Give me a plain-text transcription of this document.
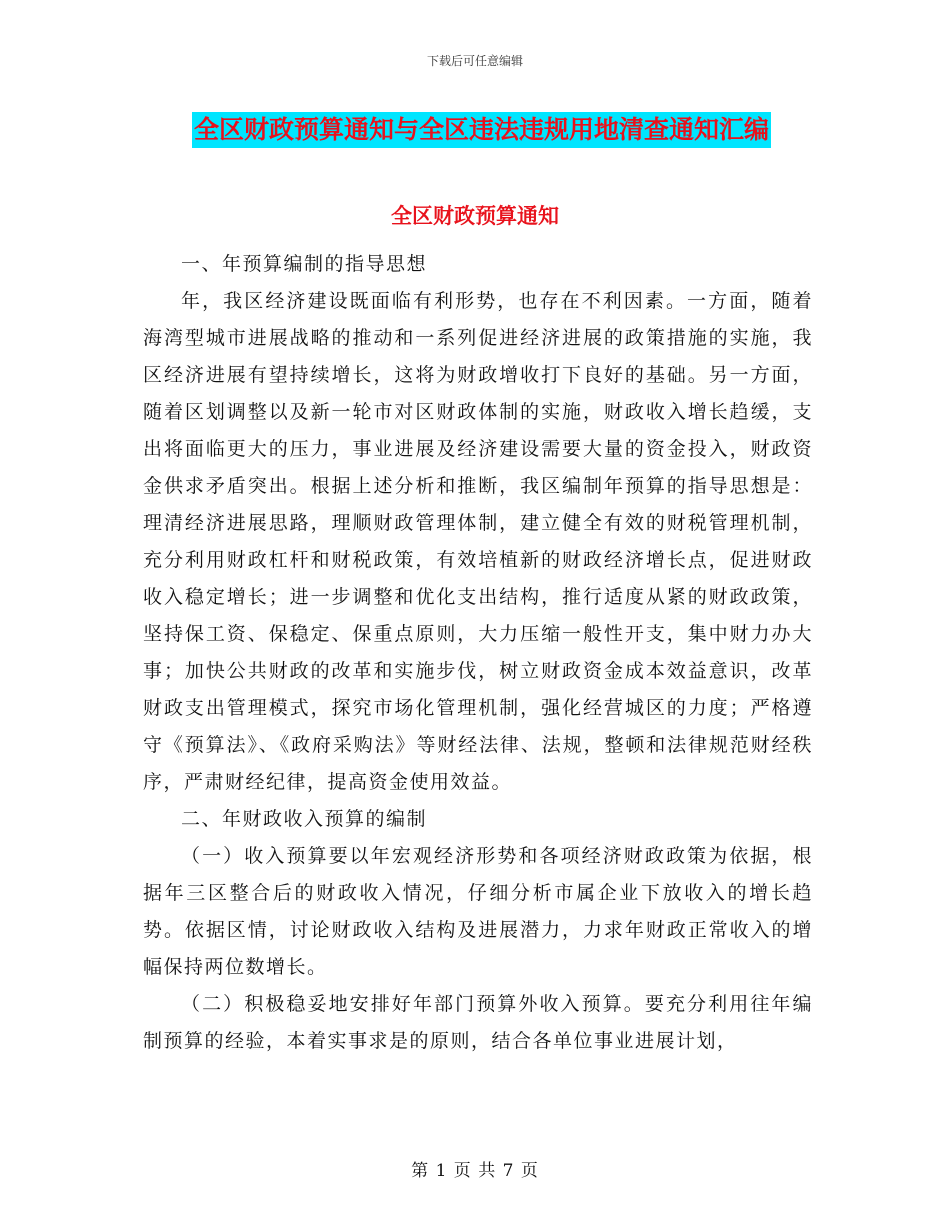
下载后可任意编辑
全区财政预算通知与全区违法违规用地清查通知汇编
全区财政预算通知

一、年预算编制的指导思想

年，我区经济建设既面临有利形势，也存在不利因素。一方面，随着海湾型城市进展战略的推动和一系列促进经济进展的政策措施的实施，我区经济进展有望持续增长，这将为财政增收打下良好的基础。另一方面，随着区划调整以及新一轮市对区财政体制的实施，财政收入增长趋缓，支出将面临更大的压力，事业进展及经济建设需要大量的资金投入，财政资金供求矛盾突出。根据上述分析和推断，我区编制年预算的指导思想是：理清经济进展思路，理顺财政管理体制，建立健全有效的财税管理机制，充分利用财政杠杆和财税政策，有效培植新的财政经济增长点，促进财政收入稳定增长；进一步调整和优化支出结构，推行适度从紧的财政政策，坚持保工资、保稳定、保重点原则，大力压缩一般性开支，集中财力办大事；加快公共财政的改革和实施步伐，树立财政资金成本效益意识，改革财政支出管理模式，探究市场化管理机制，强化经营城区的力度；严格遵守《预算法》、《政府采购法》等财经法律、法规，整顿和法律规范财经秩序，严肃财经纪律，提高资金使用效益。

二、年财政收入预算的编制

（一）收入预算要以年宏观经济形势和各项经济财政政策为依据，根据年三区整合后的财政收入情况，仔细分析市属企业下放收入的增长趋势。依据区情，讨论财政收入结构及进展潜力，力求年财政正常收入的增幅保持两位数增长。

（二）积极稳妥地安排好年部门预算外收入预算。要充分利用往年编制预算的经验，本着实事求是的原则，结合各单位事业进展计划，

第 1 页 共 7 页
